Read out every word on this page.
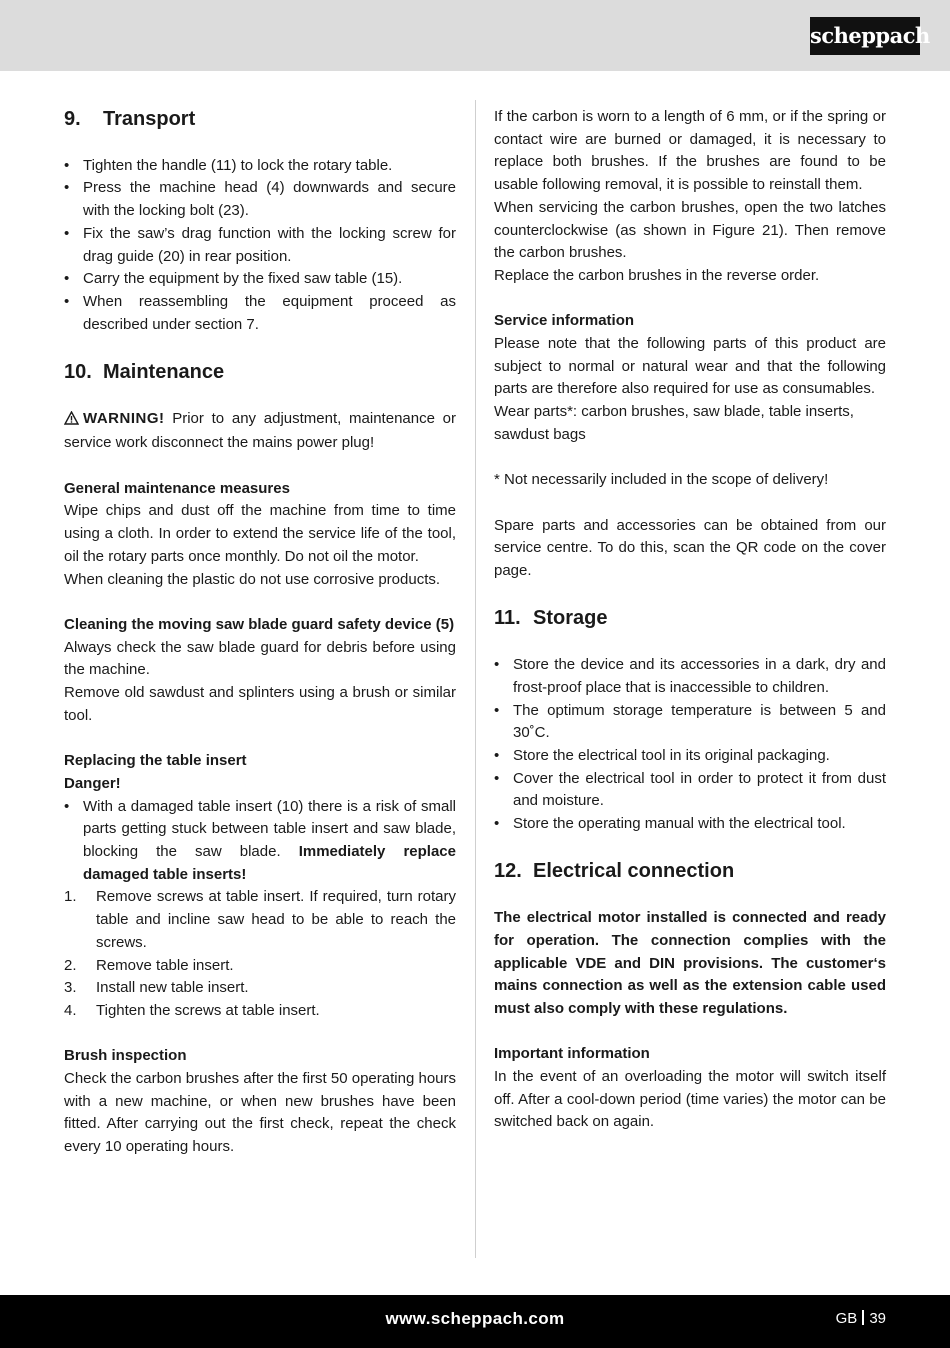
scheppach
9.	Transport
• Tighten the handle (11) to lock the rotary table.
• Press the machine head (4) downwards and secure with the locking bolt (23).
• Fix the saw’s drag function with the locking screw for drag guide (20) in rear position.
• Carry the equipment by the fixed saw table (15).
• When reassembling the equipment proceed as described under section 7.
10. Maintenance

WARNING! Prior to any adjustment, maintenance or service work disconnect the mains power plug!

General maintenance measures

Wipe chips and dust off the machine from time to time using a cloth. In order to extend the service life of the tool, oil the rotary parts once monthly. Do not oil the motor.

When cleaning the plastic do not use corrosive products.

Cleaning the moving saw blade guard safety device (5)

Always check the saw blade guard for debris before using the machine.

Remove old sawdust and splinters using a brush or similar tool.

Replacing the table insert

Danger!

• With a damaged table insert (10) there is a risk of small parts getting stuck between table insert and saw blade, blocking the saw blade. Immediately replace damaged table inserts!
1. Remove screws at table insert. If required, turn rotary table and incline saw head to be able to reach the screws.
2. Remove table insert.
3. Install new table insert.
4. Tighten the screws at table insert.

Brush inspection

Check the carbon brushes after the first 50 operating hours with a new machine, or when new brushes have been fitted. After carrying out the first check, repeat the check every 10 operating hours.

If the carbon is worn to a length of 6 mm, or if the spring or contact wire are burned or damaged, it is necessary to replace both brushes. If the brushes are found to be usable following removal, it is possible to reinstall them.

When servicing the carbon brushes, open the two latches counterclockwise (as shown in Figure 21). Then remove the carbon brushes.

Replace the carbon brushes in the reverse order.

Service information

Please note that the following parts of this product are subject to normal or natural wear and that the following parts are therefore also required for use as consumables.

Wear parts*: carbon brushes, saw blade, table inserts, sawdust bags

* Not necessarily included in the scope of delivery!

Spare parts and accessories can be obtained from our service centre. To do this, scan the QR code on the cover page.

11. Storage
• Store the device and its accessories in a dark, dry and frost-proof place that is inaccessible to children.
• The optimum storage temperature is between 5 and 30˚C.
• Store the electrical tool in its original packaging.
• Cover the electrical tool in order to protect it from dust and moisture.
• Store the operating manual with the electrical tool.
12. Electrical connection

The electrical motor installed is connected and ready for operation. The connection complies with the applicable VDE and DIN provisions. The customer‘s mains connection as well as the extension cable used must also comply with these regulations.

Important information

In the event of an overloading the motor will switch itself off. After a cool-down period (time varies) the motor can be switched back on again.

www.scheppach.com	GB 39
